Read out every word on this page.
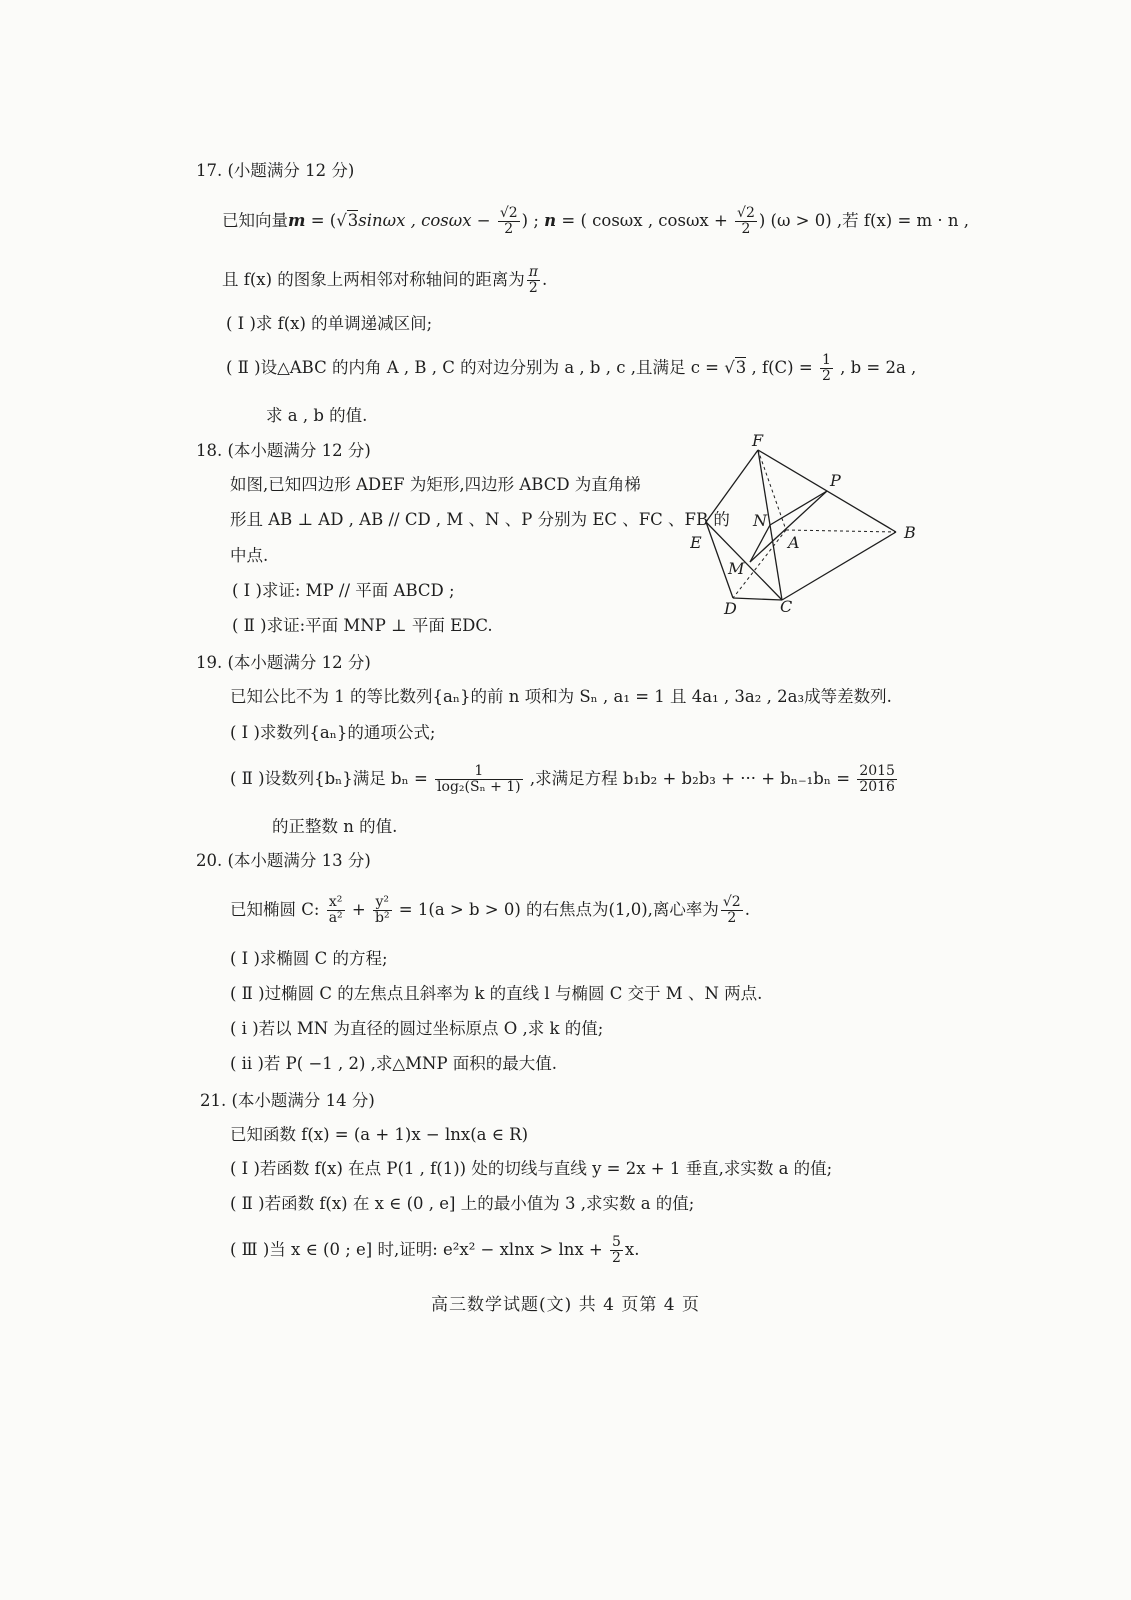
17. (小题满分 12 分)
已知向量m = (√3sinωx , $\cos\omega x - \frac{√2}{2}$ ) ; n = ( cosωx , $\cos\omega x + \frac{√2}{2}$ ) (ω > 0) ,若 f(x) = m · n ,
且 f(x) 的图象上两相邻对称轴间的距离为 $\frac{\pi}{2}$ .
( Ⅰ )求 f(x) 的单调递减区间;
( Ⅱ )设△ABC 的内角 A , B , C 的对边分别为 a , b , c ,且满足 c = √3 , $f(C) = \frac{1}{2}$ , b = 2a ,
求 a , b 的值.
18. (本小题满分 12 分)
如图,已知四边形 ADEF 为矩形,四边形 ABCD 为直角梯
形且 AB ⊥ AD , AB // CD , M 、N 、P 分别为 EC 、FC 、FB 的
中点.
( Ⅰ )求证: MP // 平面 ABCD ;
( Ⅱ )求证:平面 MNP ⊥ 平面 EDC.
F
P
N
A
B
E
M
D	C
19. (本小题满分 12 分)
已知公比不为 1 的等比数列{aₙ}的前 n 项和为 Sₙ , a₁ = 1 且 4a₁ , 3a₂ , 2a₃成等差数列.
( Ⅰ )求数列{aₙ}的通项公式;
( Ⅱ )设数列{bₙ}满足 $b_n = \frac{1}{\text{log₂(Sₙ + 1)}}$ ,求满足方程 b₁b₂ + b₂b₃ + ··· + $b_{n-1}b_n = \frac{2015}{2016}$
的正整数 n 的值.
20. (本小题满分 13 分)
已知椭圆 C: $\frac{\text{x²}}{\text{a²}} + \frac{\text{y²}}{\text{b²}} = 1(a > b > 0)$ 的右焦点为(1,0),离心率为 $\frac{√2}{2}$ .
( Ⅰ )求椭圆 C 的方程;
( Ⅱ )过椭圆 C 的左焦点且斜率为 k 的直线 l 与椭圆 C 交于 M 、N 两点.
( ⅰ )若以 MN 为直径的圆过坐标原点 O ,求 k 的值;
( ⅱ )若 P( −1 , 2) ,求△MNP 面积的最大值.
21. (本小题满分 14 分)
已知函数 f(x) = (a + 1)x − lnx(a ∈ R)
( Ⅰ )若函数 f(x) 在点 P(1 , f(1)) 处的切线与直线 y = 2x + 1 垂直,求实数 a 的值;
( Ⅱ )若函数 f(x) 在 x ∈ (0 , e] 上的最小值为 3 ,求实数 a 的值;
( Ⅲ )当 x ∈ (0 ; e] 时,证明: $e^2x^2 - xlnx > \ln x + \frac{5}{2} x$.
高三数学试题(文) 共 4 页第 4 页
